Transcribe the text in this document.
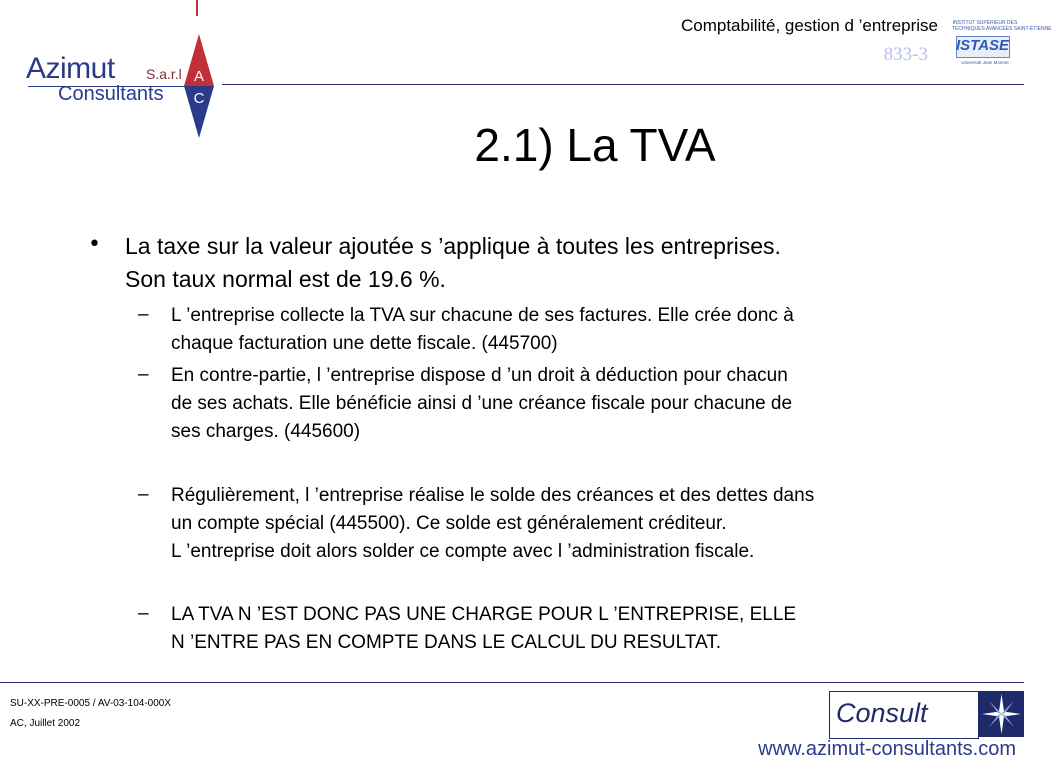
Comptabilité, gestion d ’entreprise
833-3
Azimut S.a.r.l
Consultants
A
C
INSTITUT SUPÉRIEUR DES
TECHNIQUES AVANCÉES SAINT-ÉTIENNE
ISTASE
Université Jean Monnet
2.1) La TVA
• La taxe sur la valeur ajoutée s ’applique à toutes les entreprises.
Son taux normal est de 19.6 %.
– L ’entreprise collecte la TVA sur chacune de ses factures. Elle crée donc à
chaque facturation une dette fiscale. (445700)
– En contre-partie, l ’entreprise dispose d ’un droit à déduction pour chacun
de ses achats. Elle bénéficie ainsi d ’une créance fiscale pour chacune de
ses charges. (445600)
– Régulièrement, l ’entreprise réalise le solde des créances et des dettes dans
un compte spécial (445500). Ce solde est généralement créditeur.
L ’entreprise doit alors solder ce compte avec l ’administration fiscale.
– LA TVA N ’EST DONC PAS UNE CHARGE POUR L ’ENTREPRISE, ELLE
N ’ENTRE PAS EN COMPTE DANS LE CALCUL DU RESULTAT.
SU-XX-PRE-0005 / AV-03-104-000X
AC, Juillet 2002	Consult
www.azimut-consultants.com
